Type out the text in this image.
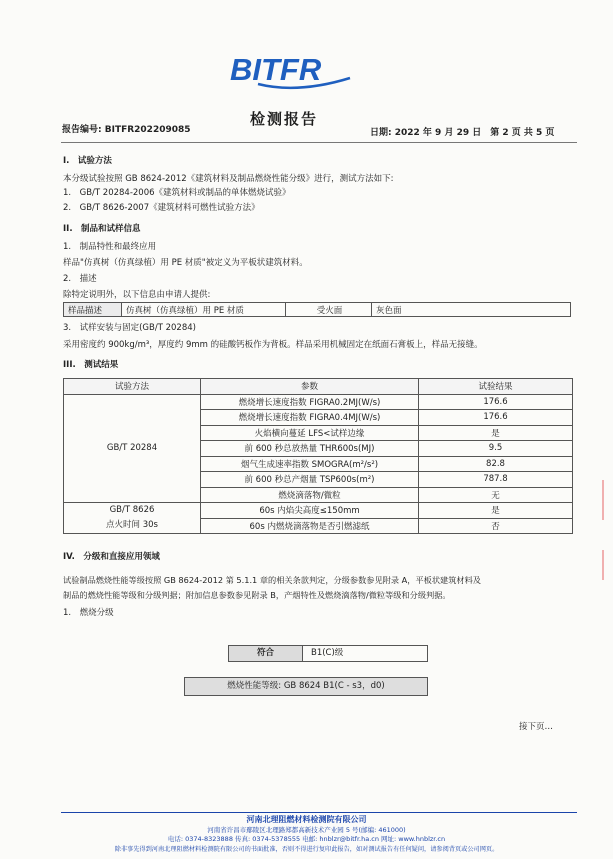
BITFR
检测报告
报告编号: BITFR202209085	日期: 2022 年 9 月 29 日　第 2 页 共 5 页
I.　试验方法
本分级试验按照 GB 8624-2012《建筑材料及制品燃烧性能分级》进行，测试方法如下:
1.　GB/T 20284-2006《建筑材料或制品的单体燃烧试验》
2.　GB/T 8626-2007《建筑材料可燃性试验方法》
II.　制品和试样信息
1.　制品特性和最终应用
样品"仿真树（仿真绿植）用 PE 材质"被定义为平板状建筑材料。
2.　描述
除特定说明外，以下信息由申请人提供:
样品描述	仿真树（仿真绿植）用 PE 材质	受火面	灰色面
3.　试样安装与固定(GB/T 20284)
采用密度约 900kg/m³，厚度约 9mm 的硅酸钙板作为背板。样品采用机械固定在纸面石膏板上，样品无接缝。
III.　测试结果
试验方法	参数	试验结果
GB/T 20284	燃烧增长速度指数 FIGRA0.2MJ(W/s)	176.6
	燃烧增长速度指数 FIGRA0.4MJ(W/s)	176.6
	火焰横向蔓延 LFS<试样边缘	是
	前 600 秒总放热量 THR600s(MJ)	9.5
	烟气生成速率指数 SMOGRA(m²/s²)	82.8
	前 600 秒总产烟量 TSP600s(m²)	787.8
	燃烧滴落物/微粒	无
GB/T 8626
点火时间 30s	60s 内焰尖高度≤150mm	是
	60s 内燃烧滴落物是否引燃滤纸	否
IV.　分级和直接应用领域
试验制品燃烧性能等级按照 GB 8624-2012 第 5.1.1 章的相关条款判定，分级参数参见附录 A，平板状建筑材料及
制品的燃烧性能等级和分级判据；附加信息参数参见附录 B，产烟特性及燃烧滴落物/微粒等级和分级判据。
1.　燃烧分级
符合	B1(C)级
燃烧性能等级: GB 8624 B1(C - s3，d0)
接下页…
河南北理阻燃材料检测院有限公司
河南省许昌市鄢陵区北理路郑都高新技术产业园 5 号(邮编: 461000)
电话: 0374-8323888 传真: 0374-5378555 电邮: hnblzr@bitfr.ha.cn 网址: www.hnblzr.cn
除非事先得到河南北理阻燃材料检测院有限公司的书面批准，否则不得进行复印此报告，如对测试报告有任何疑问，请参阅背页或公司网页。
